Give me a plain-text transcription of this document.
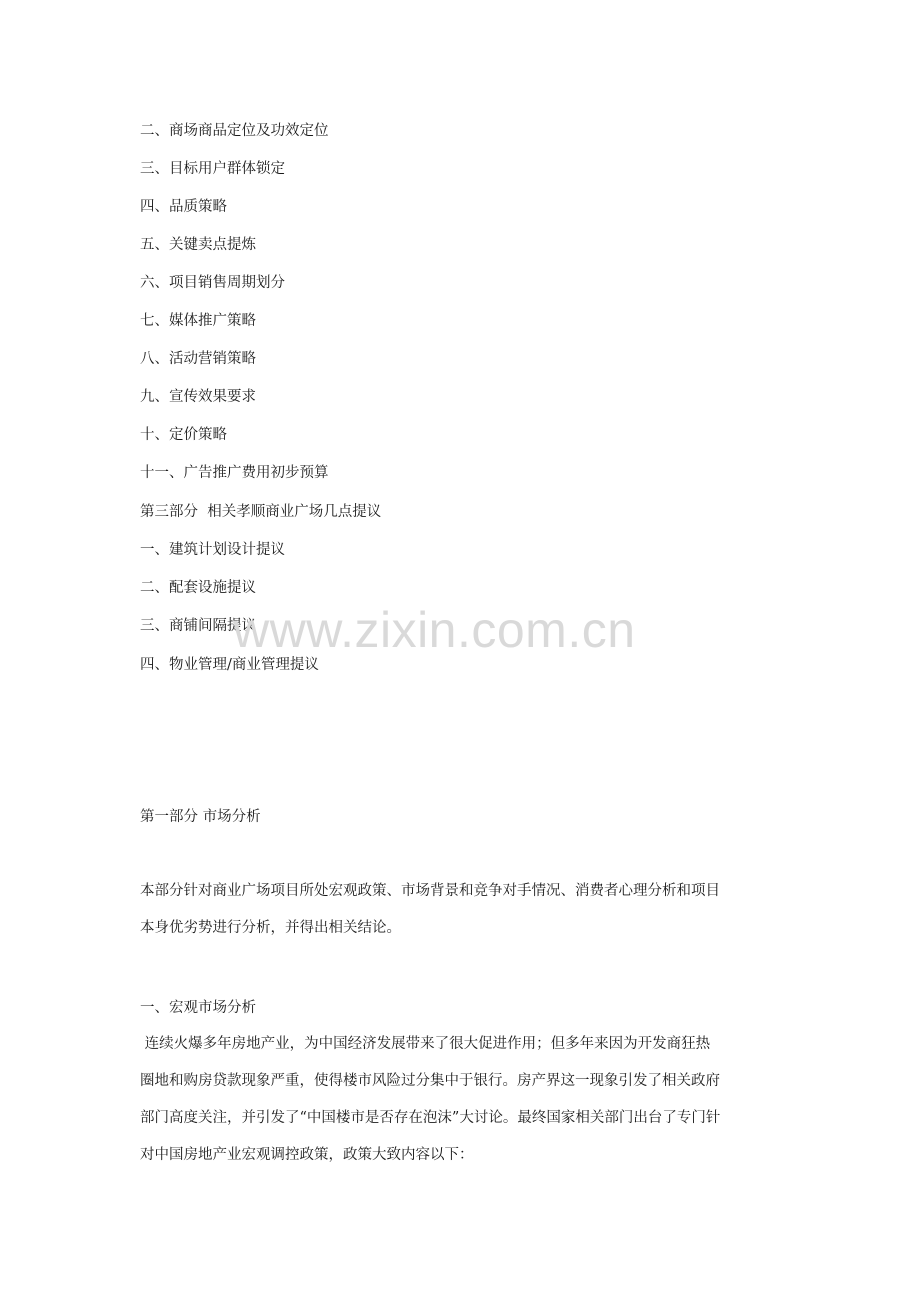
二、商场商品定位及功效定位
三、目标用户群体锁定
四、品质策略
五、关键卖点提炼
六、项目销售周期划分
七、媒体推广策略
八、活动营销策略
九、宣传效果要求
十、定价策略
十一、广告推广费用初步预算
第三部分  相关孝顺商业广场几点提议
一、建筑计划设计提议
二、配套设施提议
三、商铺间隔提议
四、物业管理/商业管理提议
www.zixin.com.cn
第一部分 市场分析
本部分针对商业广场项目所处宏观政策、市场背景和竞争对手情况、消费者心理分析和项目
本身优劣势进行分析，并得出相关结论。
一、宏观市场分析
连续火爆多年房地产业，为中国经济发展带来了很大促进作用；但多年来因为开发商狂热
圈地和购房贷款现象严重，使得楼市风险过分集中于银行。房产界这一现象引发了相关政府
部门高度关注，并引发了“中国楼市是否存在泡沫”大讨论。最终国家相关部门出台了专门针
对中国房地产业宏观调控政策，政策大致内容以下：
